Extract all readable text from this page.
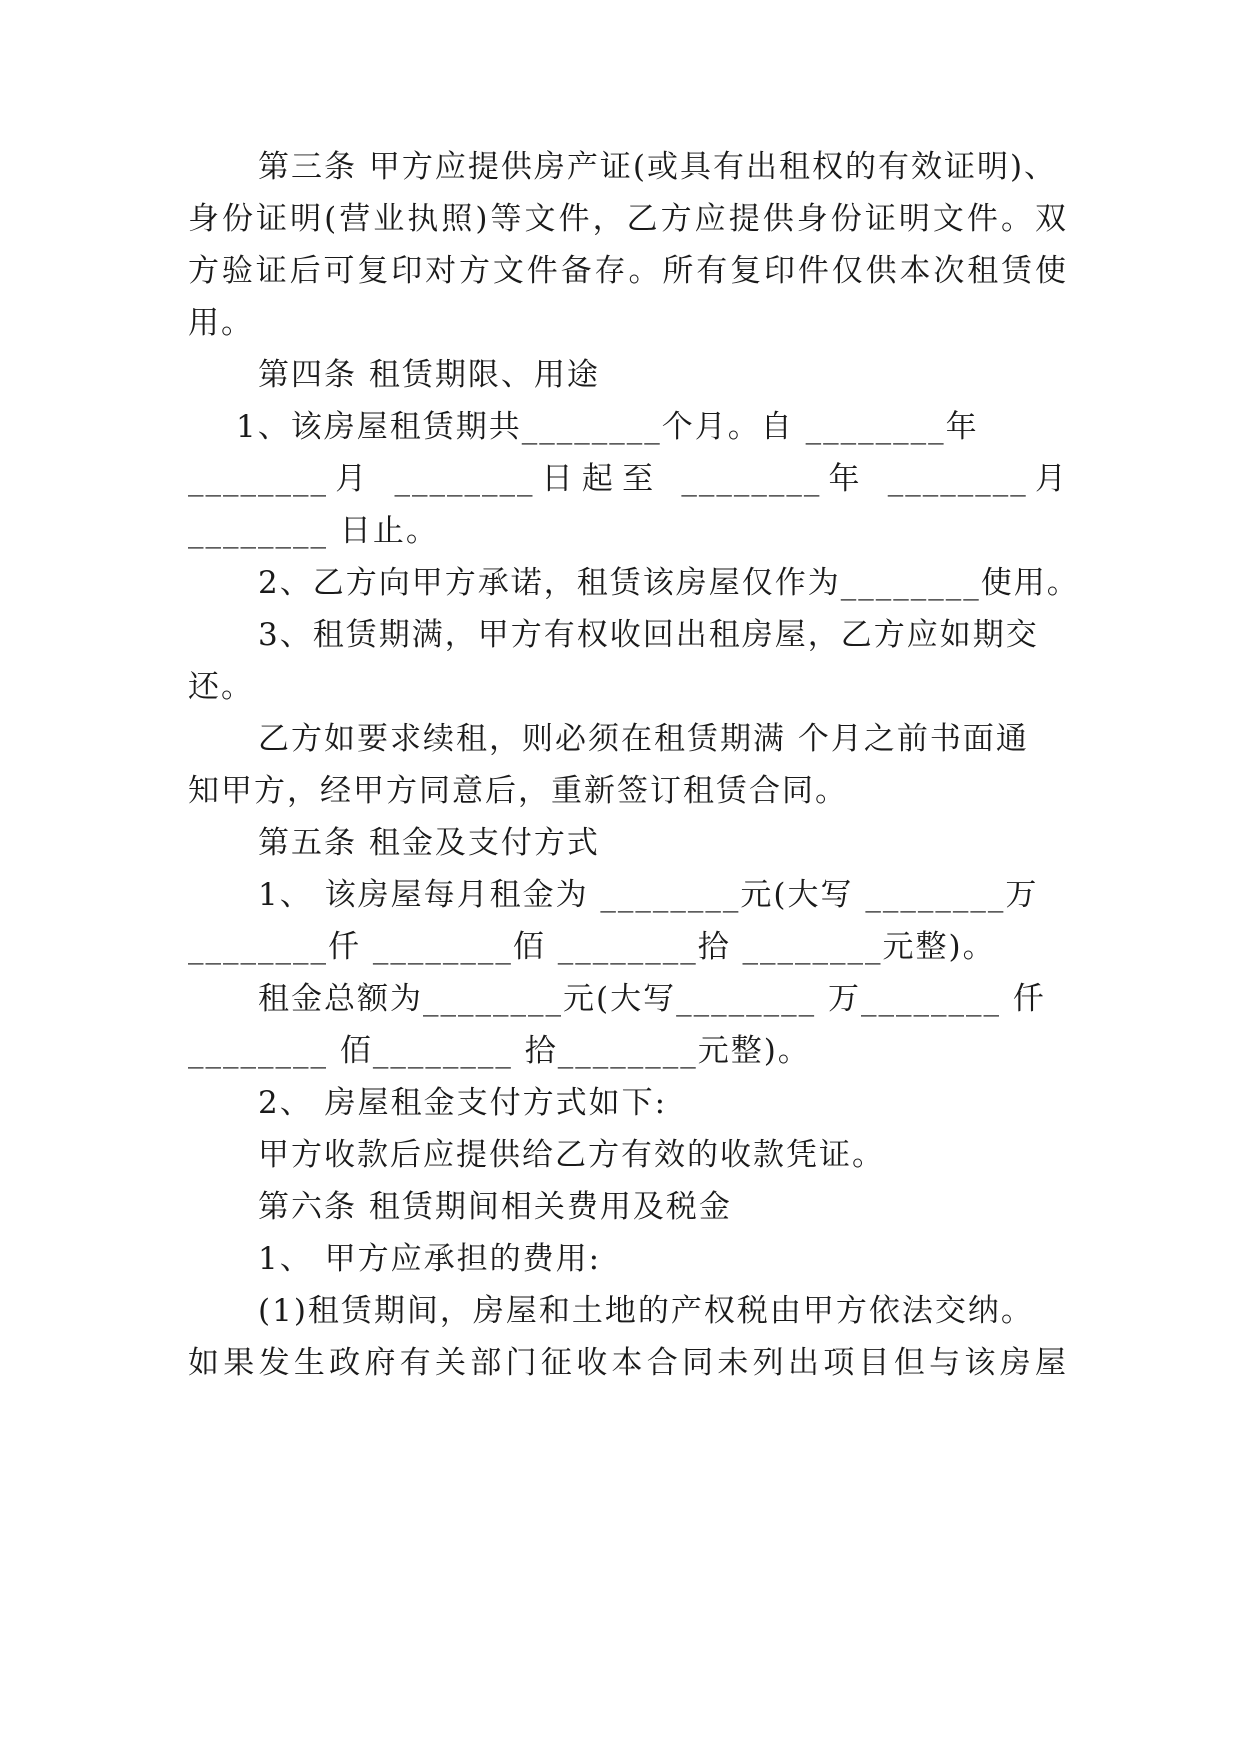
第三条 甲方应提供房产证(或具有出租权的有效证明)、
身份证明(营业执照)等文件，乙方应提供身份证明文件。双
方验证后可复印对方文件备存。所有复印件仅供本次租赁使
用。
第四条 租赁期限、用途
1、该房屋租赁期共________个月。自 ________年
________月 ________日起至 ________年 ________月
________ 日止。
2、乙方向甲方承诺，租赁该房屋仅作为________使用。
3、租赁期满，甲方有权收回出租房屋，乙方应如期交
还。
乙方如要求续租，则必须在租赁期满 个月之前书面通
知甲方，经甲方同意后，重新签订租赁合同。
第五条 租金及支付方式
1、 该房屋每月租金为 ________元(大写 ________万
________仟 ________佰 ________拾 ________元整)。
租金总额为________元(大写________ 万________ 仟
________ 佰________ 拾________元整)。
2、 房屋租金支付方式如下:
甲方收款后应提供给乙方有效的收款凭证。
第六条 租赁期间相关费用及税金
1、 甲方应承担的费用:
(1)租赁期间，房屋和土地的产权税由甲方依法交纳。
如果发生政府有关部门征收本合同未列出项目但与该房屋
